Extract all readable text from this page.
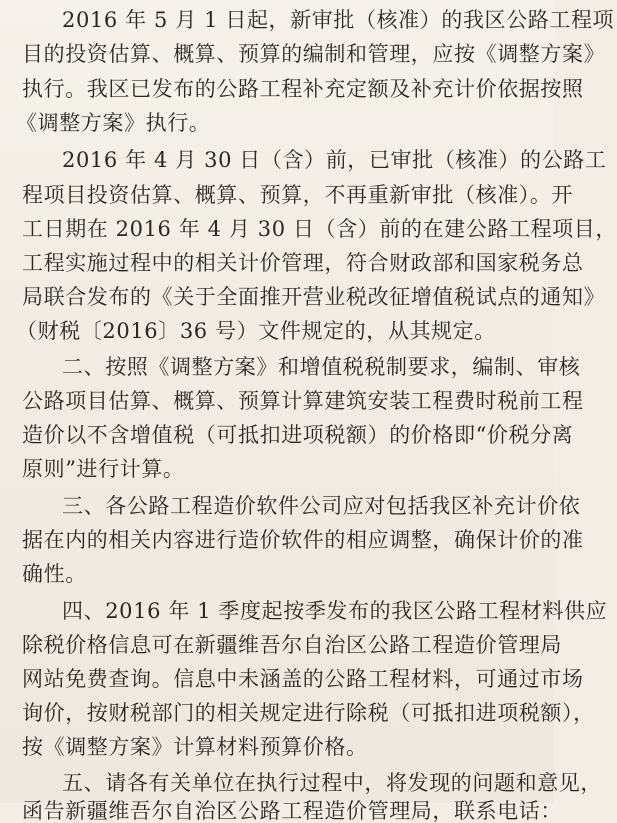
2016 年 5 月 1 日起，新审批（核准）的我区公路工程项
目的投资估算、概算、预算的编制和管理，应按《调整方案》
执行。我区已发布的公路工程补充定额及补充计价依据按照
《调整方案》执行。
2016 年 4 月 30 日（含）前，已审批（核准）的公路工
程项目投资估算、概算、预算，不再重新审批（核准）。开
工日期在 2016 年 4 月 30 日（含）前的在建公路工程项目，
工程实施过程中的相关计价管理，符合财政部和国家税务总
局联合发布的《关于全面推开营业税改征增值税试点的通知》
（财税〔2016〕36 号）文件规定的，从其规定。
二、按照《调整方案》和增值税税制要求，编制、审核
公路项目估算、概算、预算计算建筑安装工程费时税前工程
造价以不含增值税（可抵扣进项税额）的价格即“价税分离
原则”进行计算。
三、各公路工程造价软件公司应对包括我区补充计价依
据在内的相关内容进行造价软件的相应调整，确保计价的准
确性。
四、2016 年 1 季度起按季发布的我区公路工程材料供应
除税价格信息可在新疆维吾尔自治区公路工程造价管理局
网站免费查询。信息中未涵盖的公路工程材料，可通过市场
询价，按财税部门的相关规定进行除税（可抵扣进项税额），
按《调整方案》计算材料预算价格。
五、请各有关单位在执行过程中，将发现的问题和意见，
函告新疆维吾尔自治区公路工程造价管理局，联系电话：
